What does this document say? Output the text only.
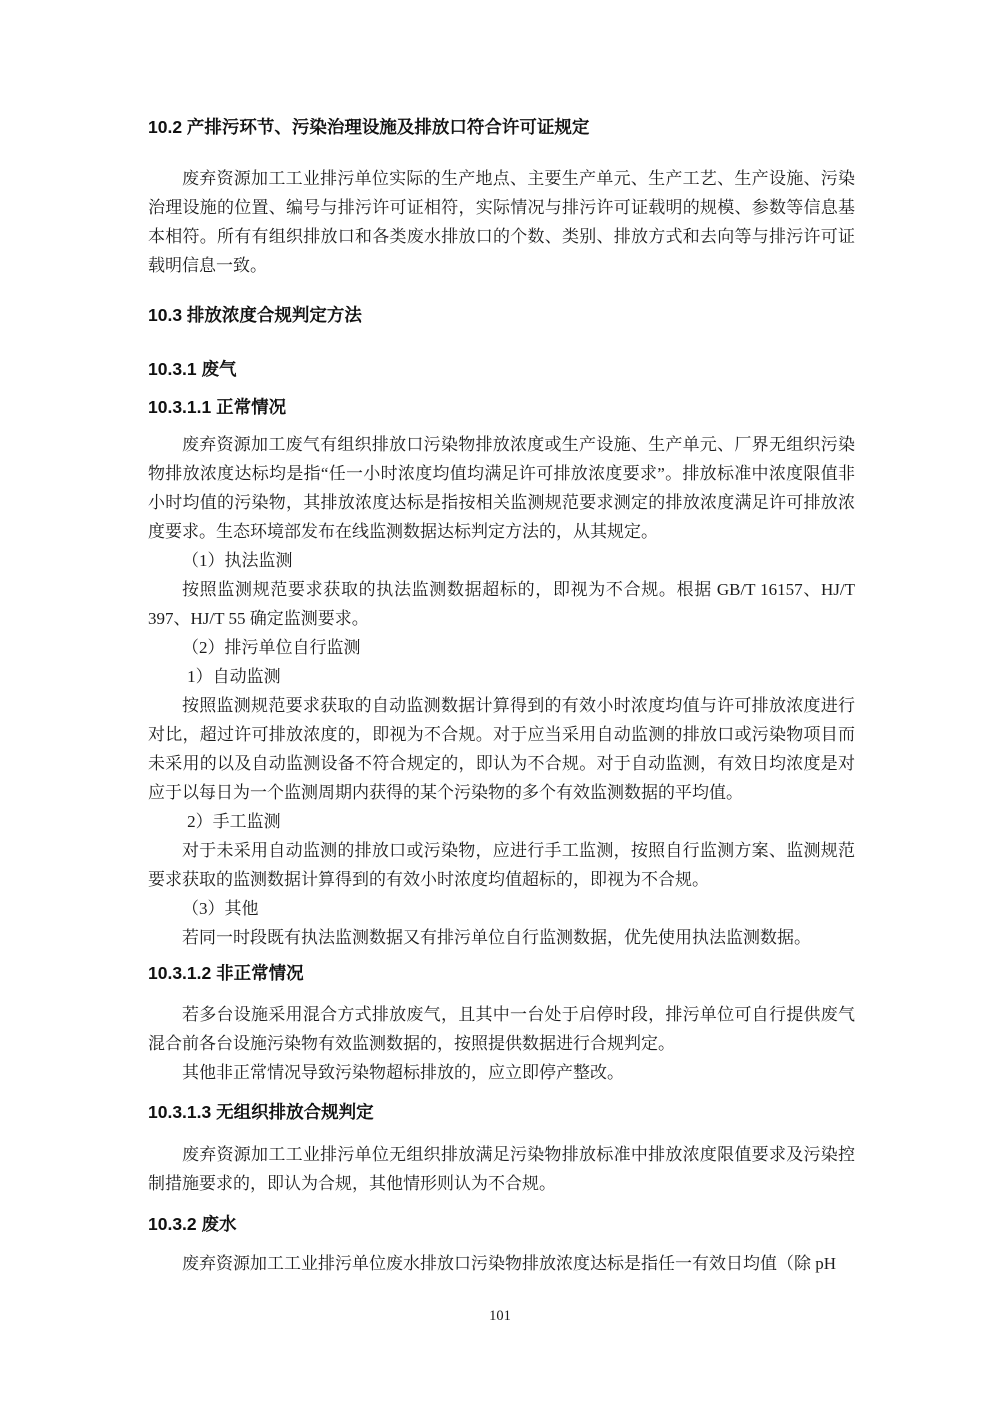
10.2 产排污环节、污染治理设施及排放口符合许可证规定

废弃资源加工工业排污单位实际的生产地点、主要生产单元、生产工艺、生产设施、污染治理设施的位置、编号与排污许可证相符，实际情况与排污许可证载明的规模、参数等信息基本相符。所有有组织排放口和各类废水排放口的个数、类别、排放方式和去向等与排污许可证载明信息一致。

10.3 排放浓度合规判定方法
10.3.1 废气
10.3.1.1 正常情况

废弃资源加工废气有组织排放口污染物排放浓度或生产设施、生产单元、厂界无组织污染物排放浓度达标均是指“任一小时浓度均值均满足许可排放浓度要求”。排放标准中浓度限值非小时均值的污染物，其排放浓度达标是指按相关监测规范要求测定的排放浓度满足许可排放浓度要求。生态环境部发布在线监测数据达标判定方法的，从其规定。

（1）执法监测

按照监测规范要求获取的执法监测数据超标的，即视为不合规。根据 GB/T 16157、HJ/T 397、HJ/T 55 确定监测要求。

（2）排污单位自行监测
1）自动监测

按照监测规范要求获取的自动监测数据计算得到的有效小时浓度均值与许可排放浓度进行对比，超过许可排放浓度的，即视为不合规。对于应当采用自动监测的排放口或污染物项目而未采用的以及自动监测设备不符合规定的，即认为不合规。对于自动监测，有效日均浓度是对应于以每日为一个监测周期内获得的某个污染物的多个有效监测数据的平均值。

2）手工监测

对于未采用自动监测的排放口或污染物，应进行手工监测，按照自行监测方案、监测规范要求获取的监测数据计算得到的有效小时浓度均值超标的，即视为不合规。

（3）其他

若同一时段既有执法监测数据又有排污单位自行监测数据，优先使用执法监测数据。

10.3.1.2 非正常情况

若多台设施采用混合方式排放废气，且其中一台处于启停时段，排污单位可自行提供废气混合前各台设施污染物有效监测数据的，按照提供数据进行合规判定。

其他非正常情况导致污染物超标排放的，应立即停产整改。

10.3.1.3 无组织排放合规判定

废弃资源加工工业排污单位无组织排放满足污染物排放标准中排放浓度限值要求及污染控制措施要求的，即认为合规，其他情形则认为不合规。

10.3.2 废水

废弃资源加工工业排污单位废水排放口污染物排放浓度达标是指任一有效日均值（除 pH

101
